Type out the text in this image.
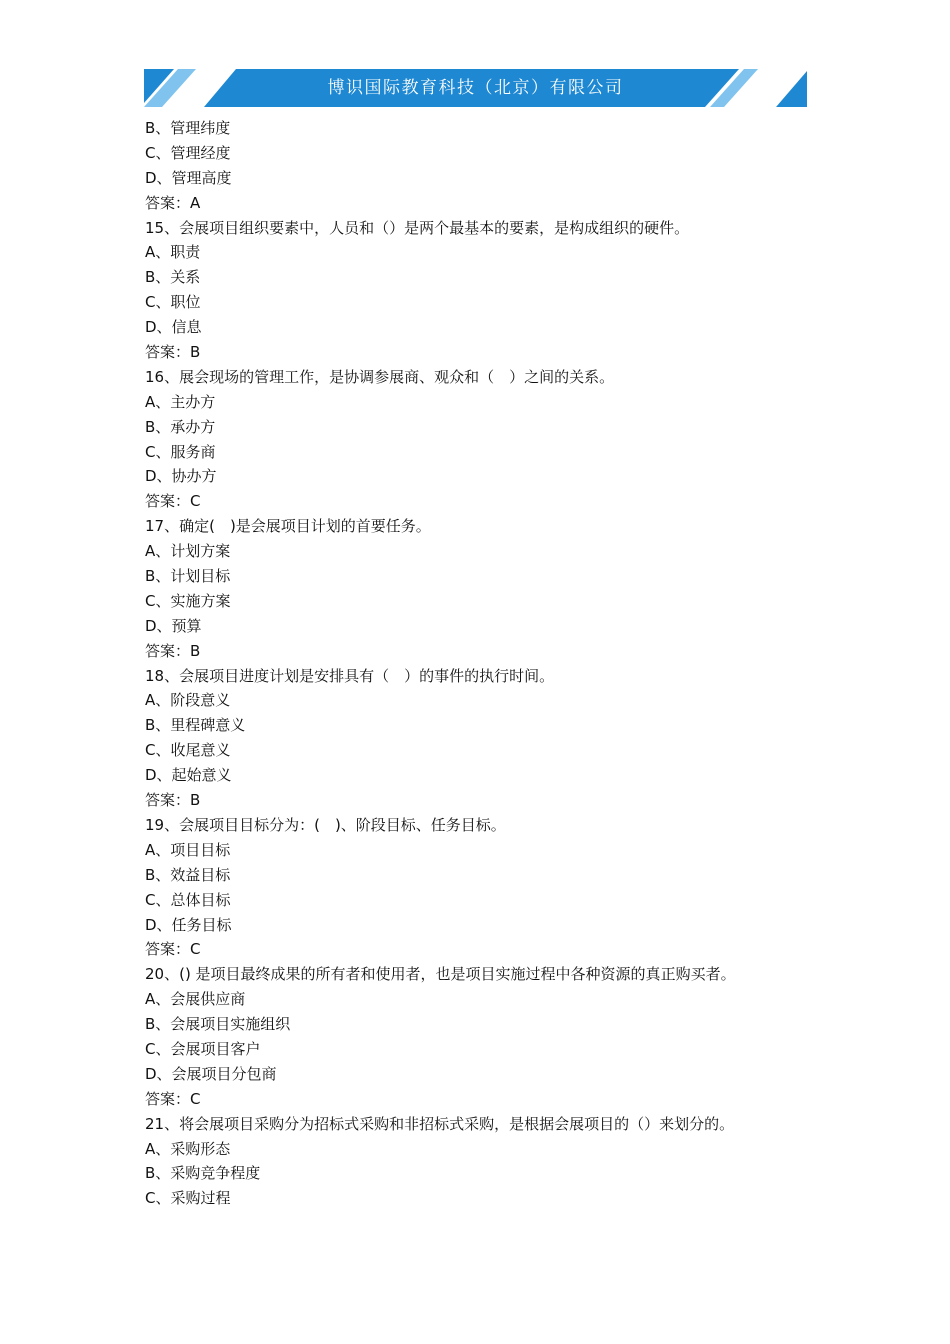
博识国际教育科技（北京）有限公司
B、管理纬度
C、管理经度
D、管理高度
答案：A
15、会展项目组织要素中，人员和（）是两个最基本的要素，是构成组织的硬件。
A、职责
B、关系
C、职位
D、信息
答案：B
16、展会现场的管理工作，是协调参展商、观众和（　）之间的关系。
A、主办方
B、承办方
C、服务商
D、协办方
答案：C
17、确定(　)是会展项目计划的首要任务。
A、计划方案
B、计划目标
C、实施方案
D、预算
答案：B
18、会展项目进度计划是安排具有（　）的事件的执行时间。
A、阶段意义
B、里程碑意义
C、收尾意义
D、起始意义
答案：B
19、会展项目目标分为：(　)、阶段目标、任务目标。
A、项目目标
B、效益目标
C、总体目标
D、任务目标
答案：C
20、() 是项目最终成果的所有者和使用者，也是项目实施过程中各种资源的真正购买者。
A、会展供应商
B、会展项目实施组织
C、会展项目客户
D、会展项目分包商
答案：C
21、将会展项目采购分为招标式采购和非招标式采购，是根据会展项目的（）来划分的。
A、采购形态
B、采购竞争程度
C、采购过程
